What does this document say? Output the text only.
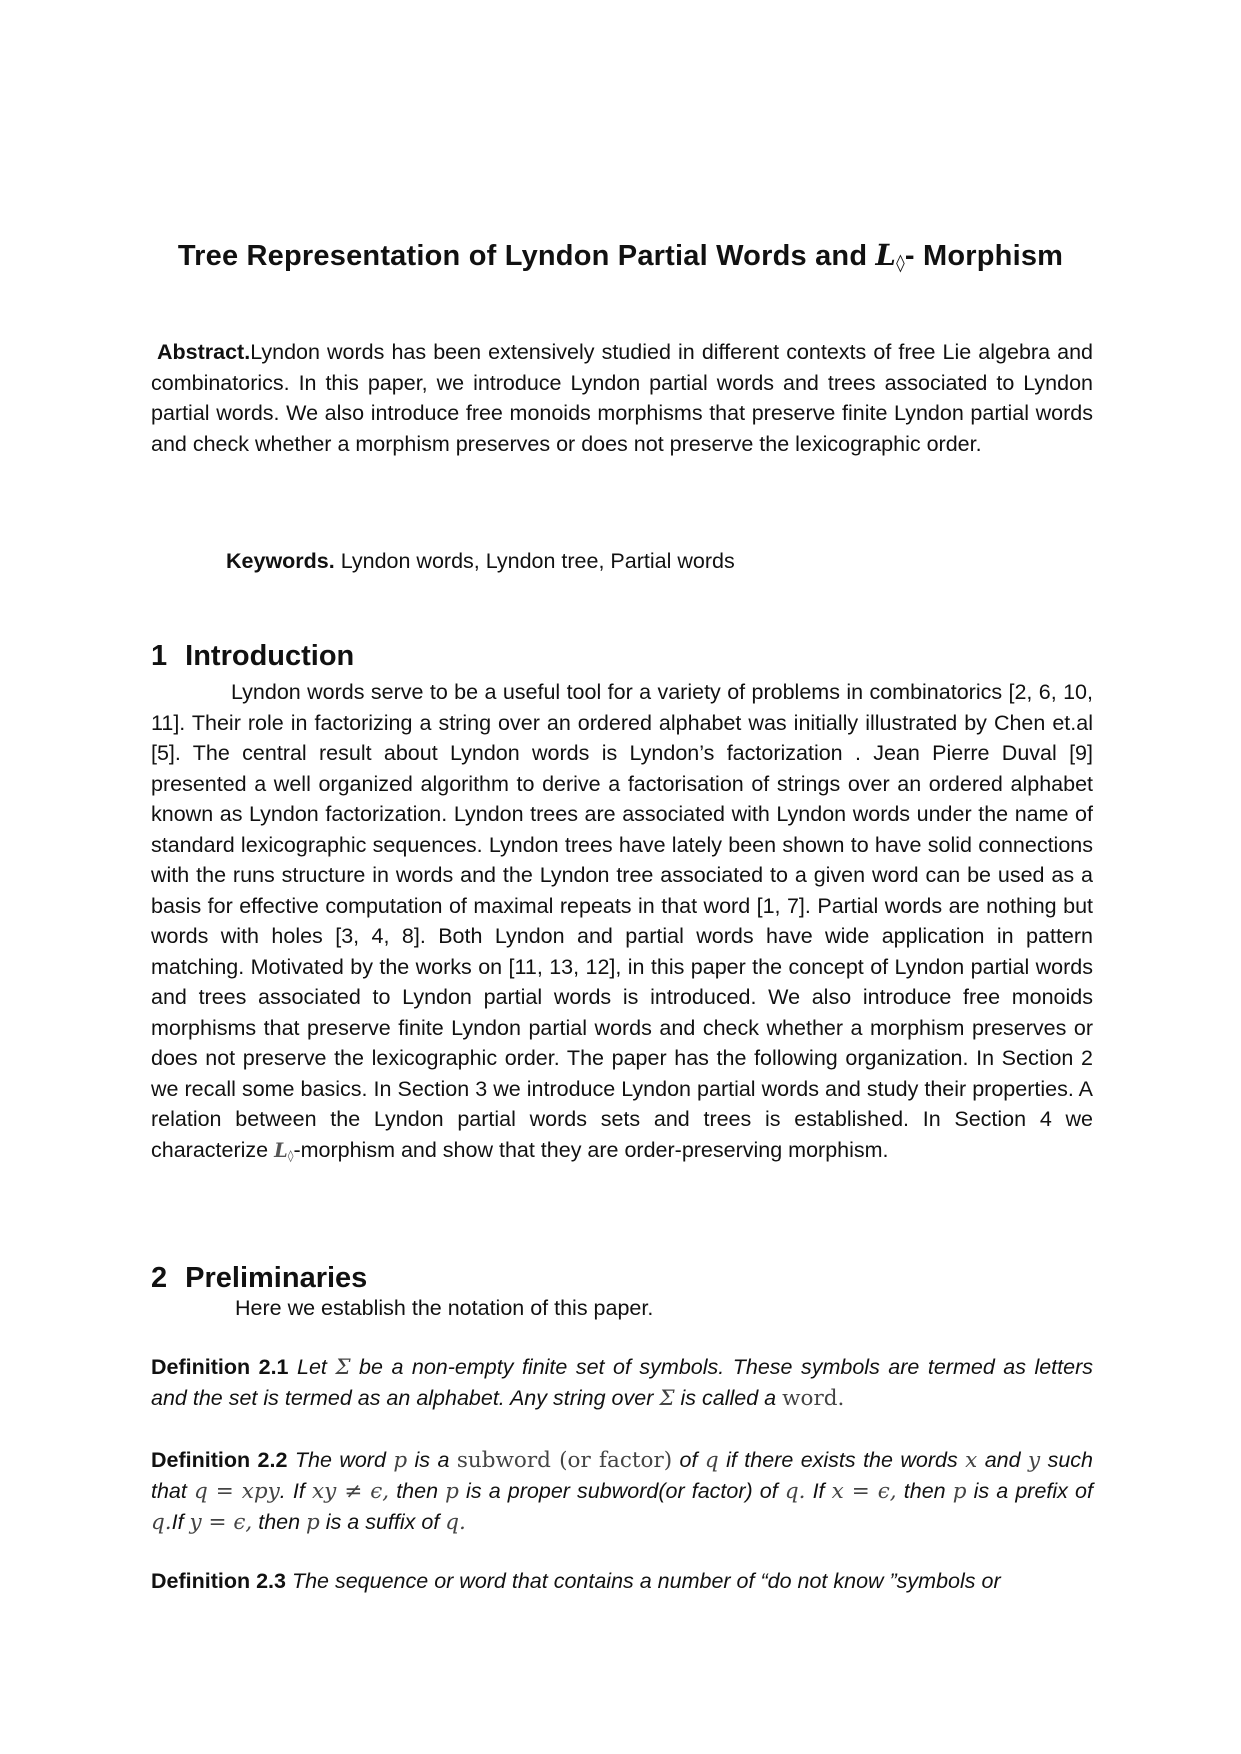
Tree Representation of Lyndon Partial Words and $L_◊-$ Morphism
Abstract.Lyndon words has been extensively studied in different contexts of free Lie algebra and combinatorics. In this paper, we introduce Lyndon partial words and trees associated to Lyndon partial words. We also introduce free monoids morphisms that preserve finite Lyndon partial words and check whether a morphism preserves or does not preserve the lexicographic order.
Keywords. Lyndon words, Lyndon tree, Partial words
1 Introduction
Lyndon words serve to be a useful tool for a variety of problems in combinatorics [2, 6, 10, 11]. Their role in factorizing a string over an ordered alphabet was initially illustrated by Chen et.al [5]. The central result about Lyndon words is Lyndon’s factorization . Jean Pierre Duval [9] presented a well organized algorithm to derive a factorisation of strings over an ordered alphabet known as Lyndon factorization. Lyndon trees are associated with Lyndon words under the name of standard lexicographic sequences. Lyndon trees have lately been shown to have solid connections with the runs structure in words and the Lyndon tree associated to a given word can be used as a basis for effective computation of maximal repeats in that word [1, 7]. Partial words are nothing but words with holes [3, 4, 8]. Both Lyndon and partial words have wide application in pattern matching. Motivated by the works on [11, 13, 12], in this paper the concept of Lyndon partial words and trees associated to Lyndon partial words is introduced. We also introduce free monoids morphisms that preserve finite Lyndon partial words and check whether a morphism preserves or does not preserve the lexicographic order. The paper has the following organization. In Section 2 we recall some basics. In Section 3 we introduce Lyndon partial words and study their properties. A relation between the Lyndon partial words sets and trees is established. In Section 4 we characterize $L_◊$-morphism and show that they are order-preserving morphism.
2 Preliminaries
Here we establish the notation of this paper.
Definition 2.1 Let Σ be a non-empty finite set of symbols. These symbols are termed as letters and the set is termed as an alphabet. Any string over Σ is called a word.
Definition 2.2 The word p is a subword (or factor) of q if there exists the words x and y such that q = xpy. If xy ≠ ϵ, then p is a proper subword(or factor) of q. If x = ϵ, then p is a prefix of q.If y = ϵ, then p is a suffix of q.
Definition 2.3 The sequence or word that contains a number of “do not know ”symbols or
